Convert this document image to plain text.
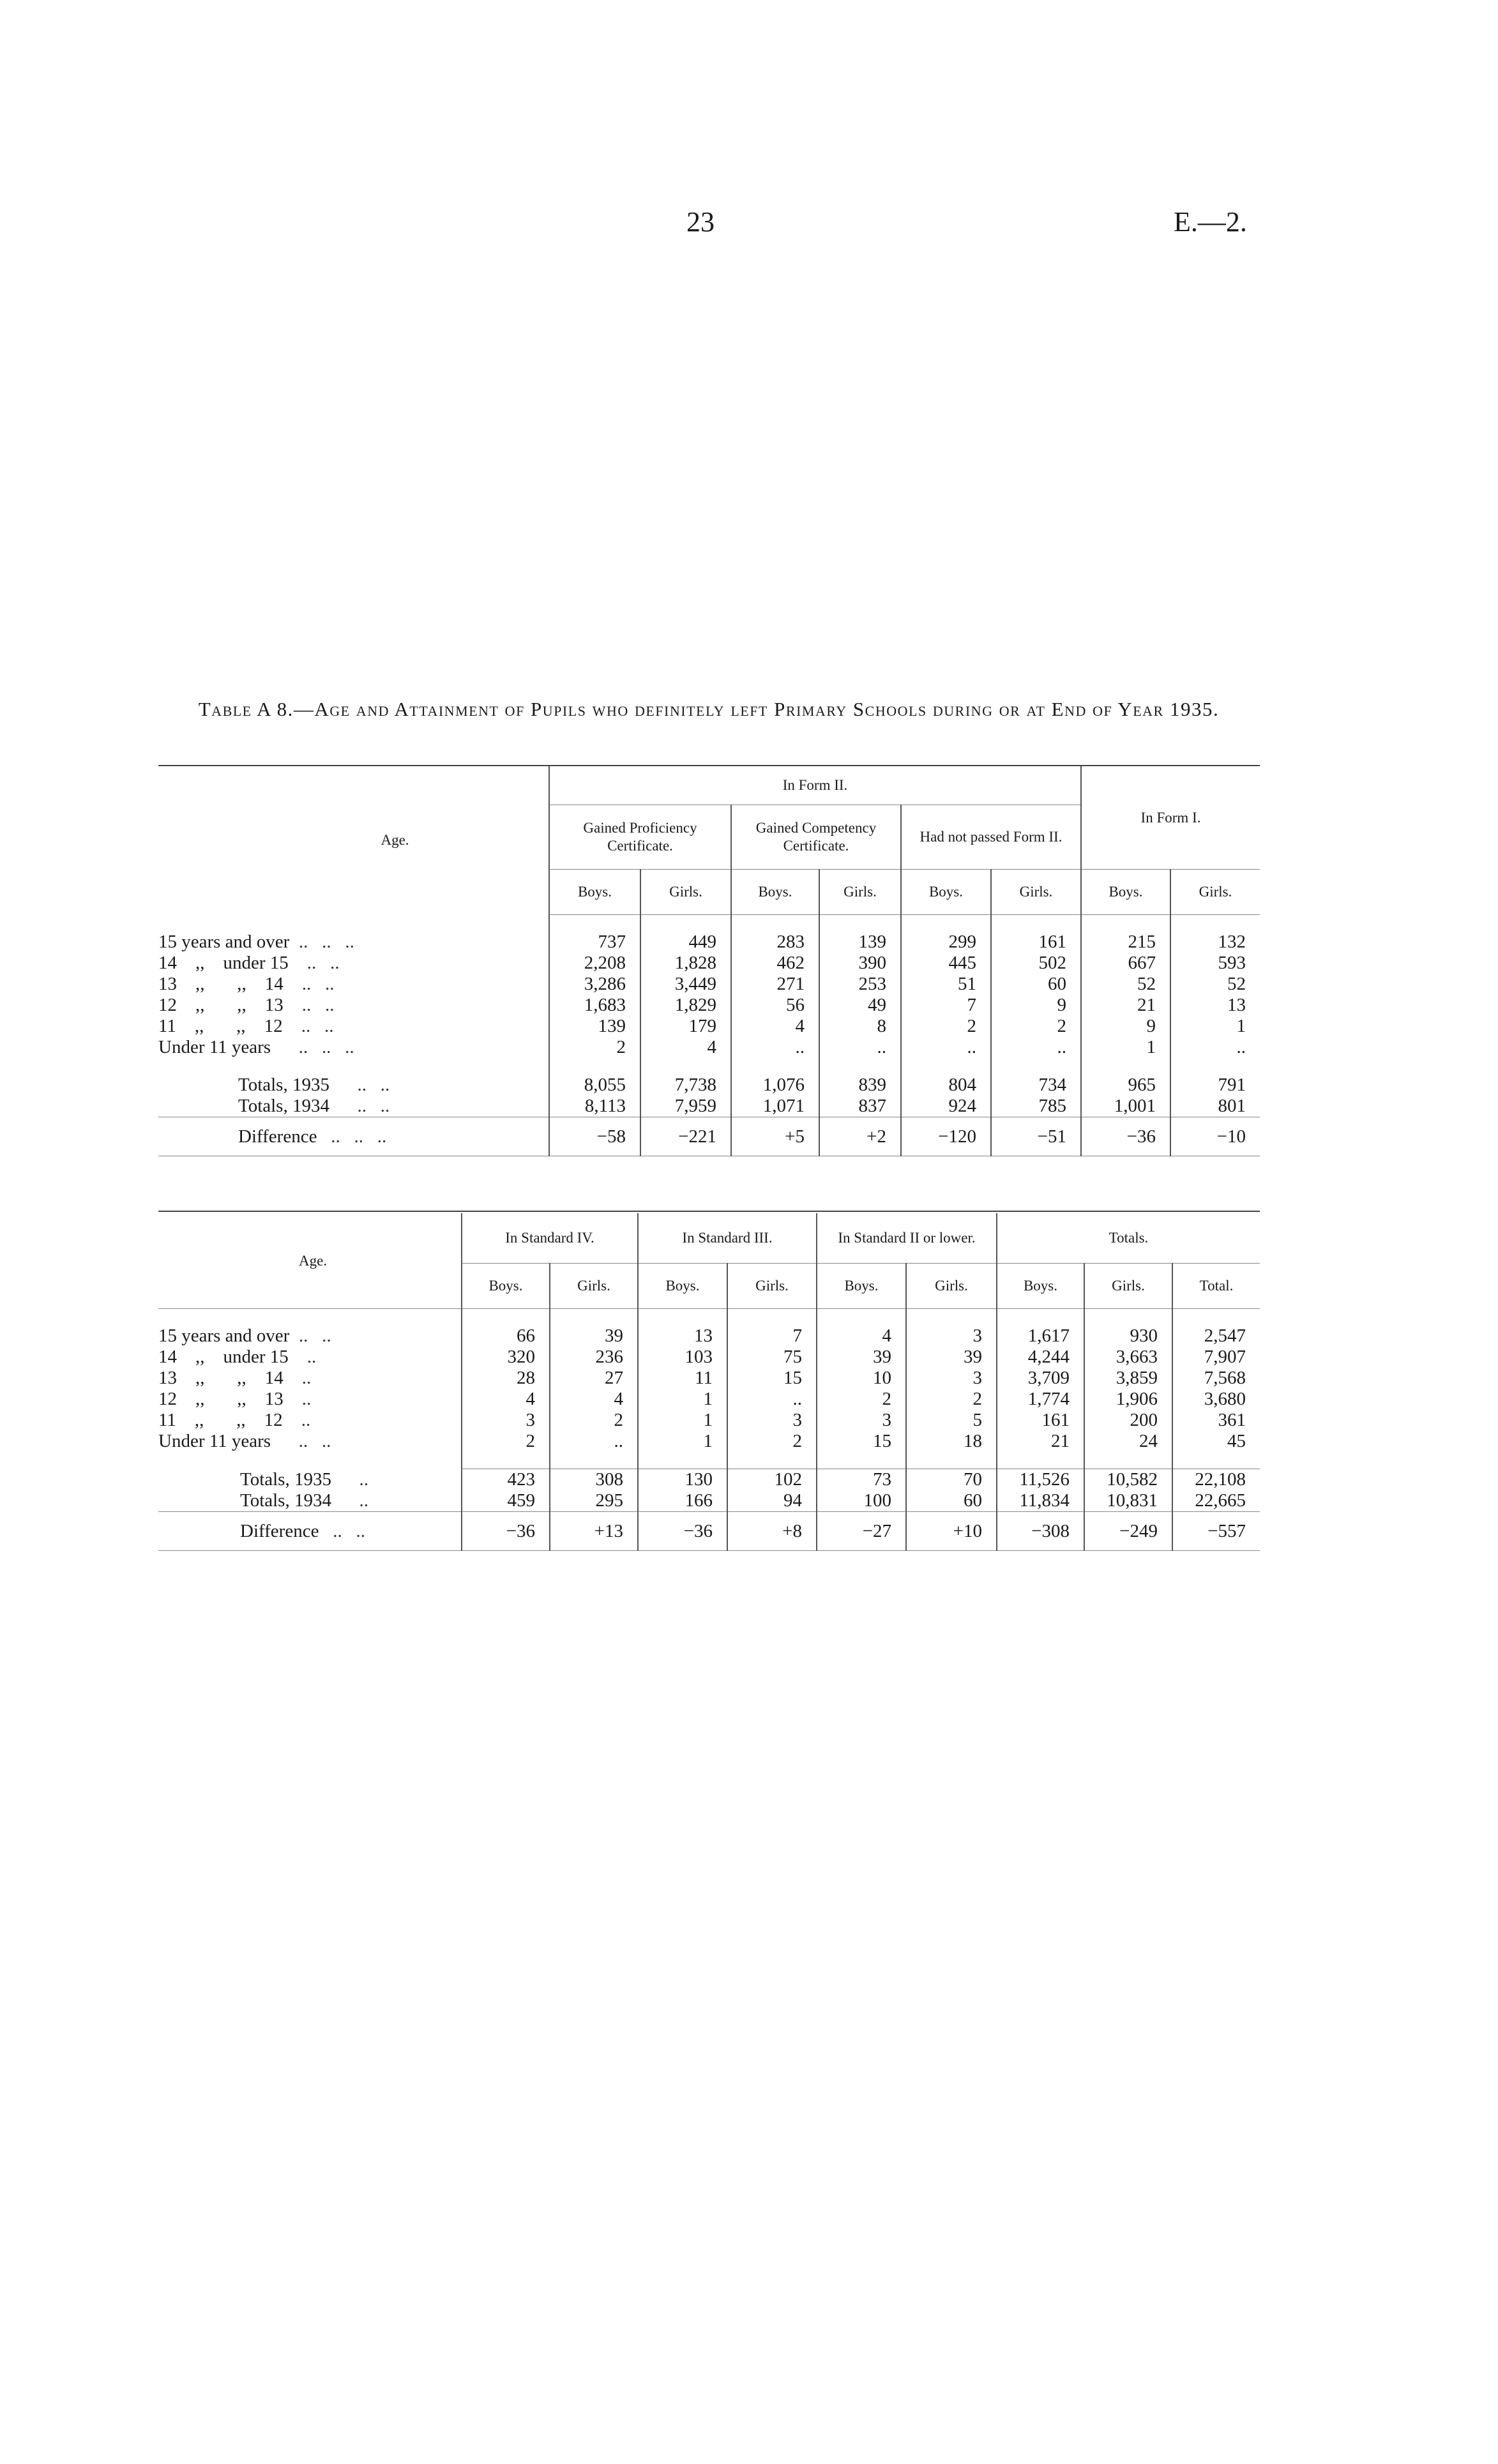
23	E.—2.
Table A 8.—Age and Attainment of Pupils who definitely left Primary Schools during or at End of Year 1935.
Age.	In Form II.						In Form I.	
	Gained Proficiency Certificate.		Gained Competency Certificate.		Had not passed Form II.			
	Boys.	Girls.	Boys.	Girls.	Boys.	Girls.	Boys.	Girls.

15 years and over  ..   ..   ..	737	449	283	139	299	161	215	132
14    ,,    under 15    ..   ..	2,208	1,828	462	390	445	502	667	593
13    ,,       ,,    14    ..   ..	3,286	3,449	271	253	51	60	52	52
12    ,,       ,,    13    ..   ..	1,683	1,829	56	49	7	9	21	13
11    ,,       ,,    12    ..   ..	139	179	4	8	2	2	9	1
Under 11 years      ..   ..   ..	2	4	..	..	..	..	1	..

Totals, 1935      ..   ..	8,055	7,738	1,076	839	804	734	965	791
Totals, 1934      ..   ..	8,113	7,959	1,071	837	924	785	1,001	801
Difference   ..   ..   ..	−58	−221	+5	+2	−120	−51	−36	−10
Age.	In Standard IV.		In Standard III.		In Standard II or lower.		Totals.		
	Boys.	Girls.	Boys.	Girls.	Boys.	Girls.	Boys.	Girls.	Total.

15 years and over  ..   ..	66	39	13	7	4	3	1,617	930	2,547
14    ,,    under 15    ..	320	236	103	75	39	39	4,244	3,663	7,907
13    ,,       ,,    14    ..	28	27	11	15	10	3	3,709	3,859	7,568
12    ,,       ,,    13    ..	4	4	1	..	2	2	1,774	1,906	3,680
11    ,,       ,,    12    ..	3	2	1	3	3	5	161	200	361
Under 11 years      ..   ..	2	..	1	2	15	18	21	24	45

Totals, 1935      ..	423	308	130	102	73	70	11,526	10,582	22,108
Totals, 1934      ..	459	295	166	94	100	60	11,834	10,831	22,665
Difference   ..   ..	−36	+13	−36	+8	−27	+10	−308	−249	−557
